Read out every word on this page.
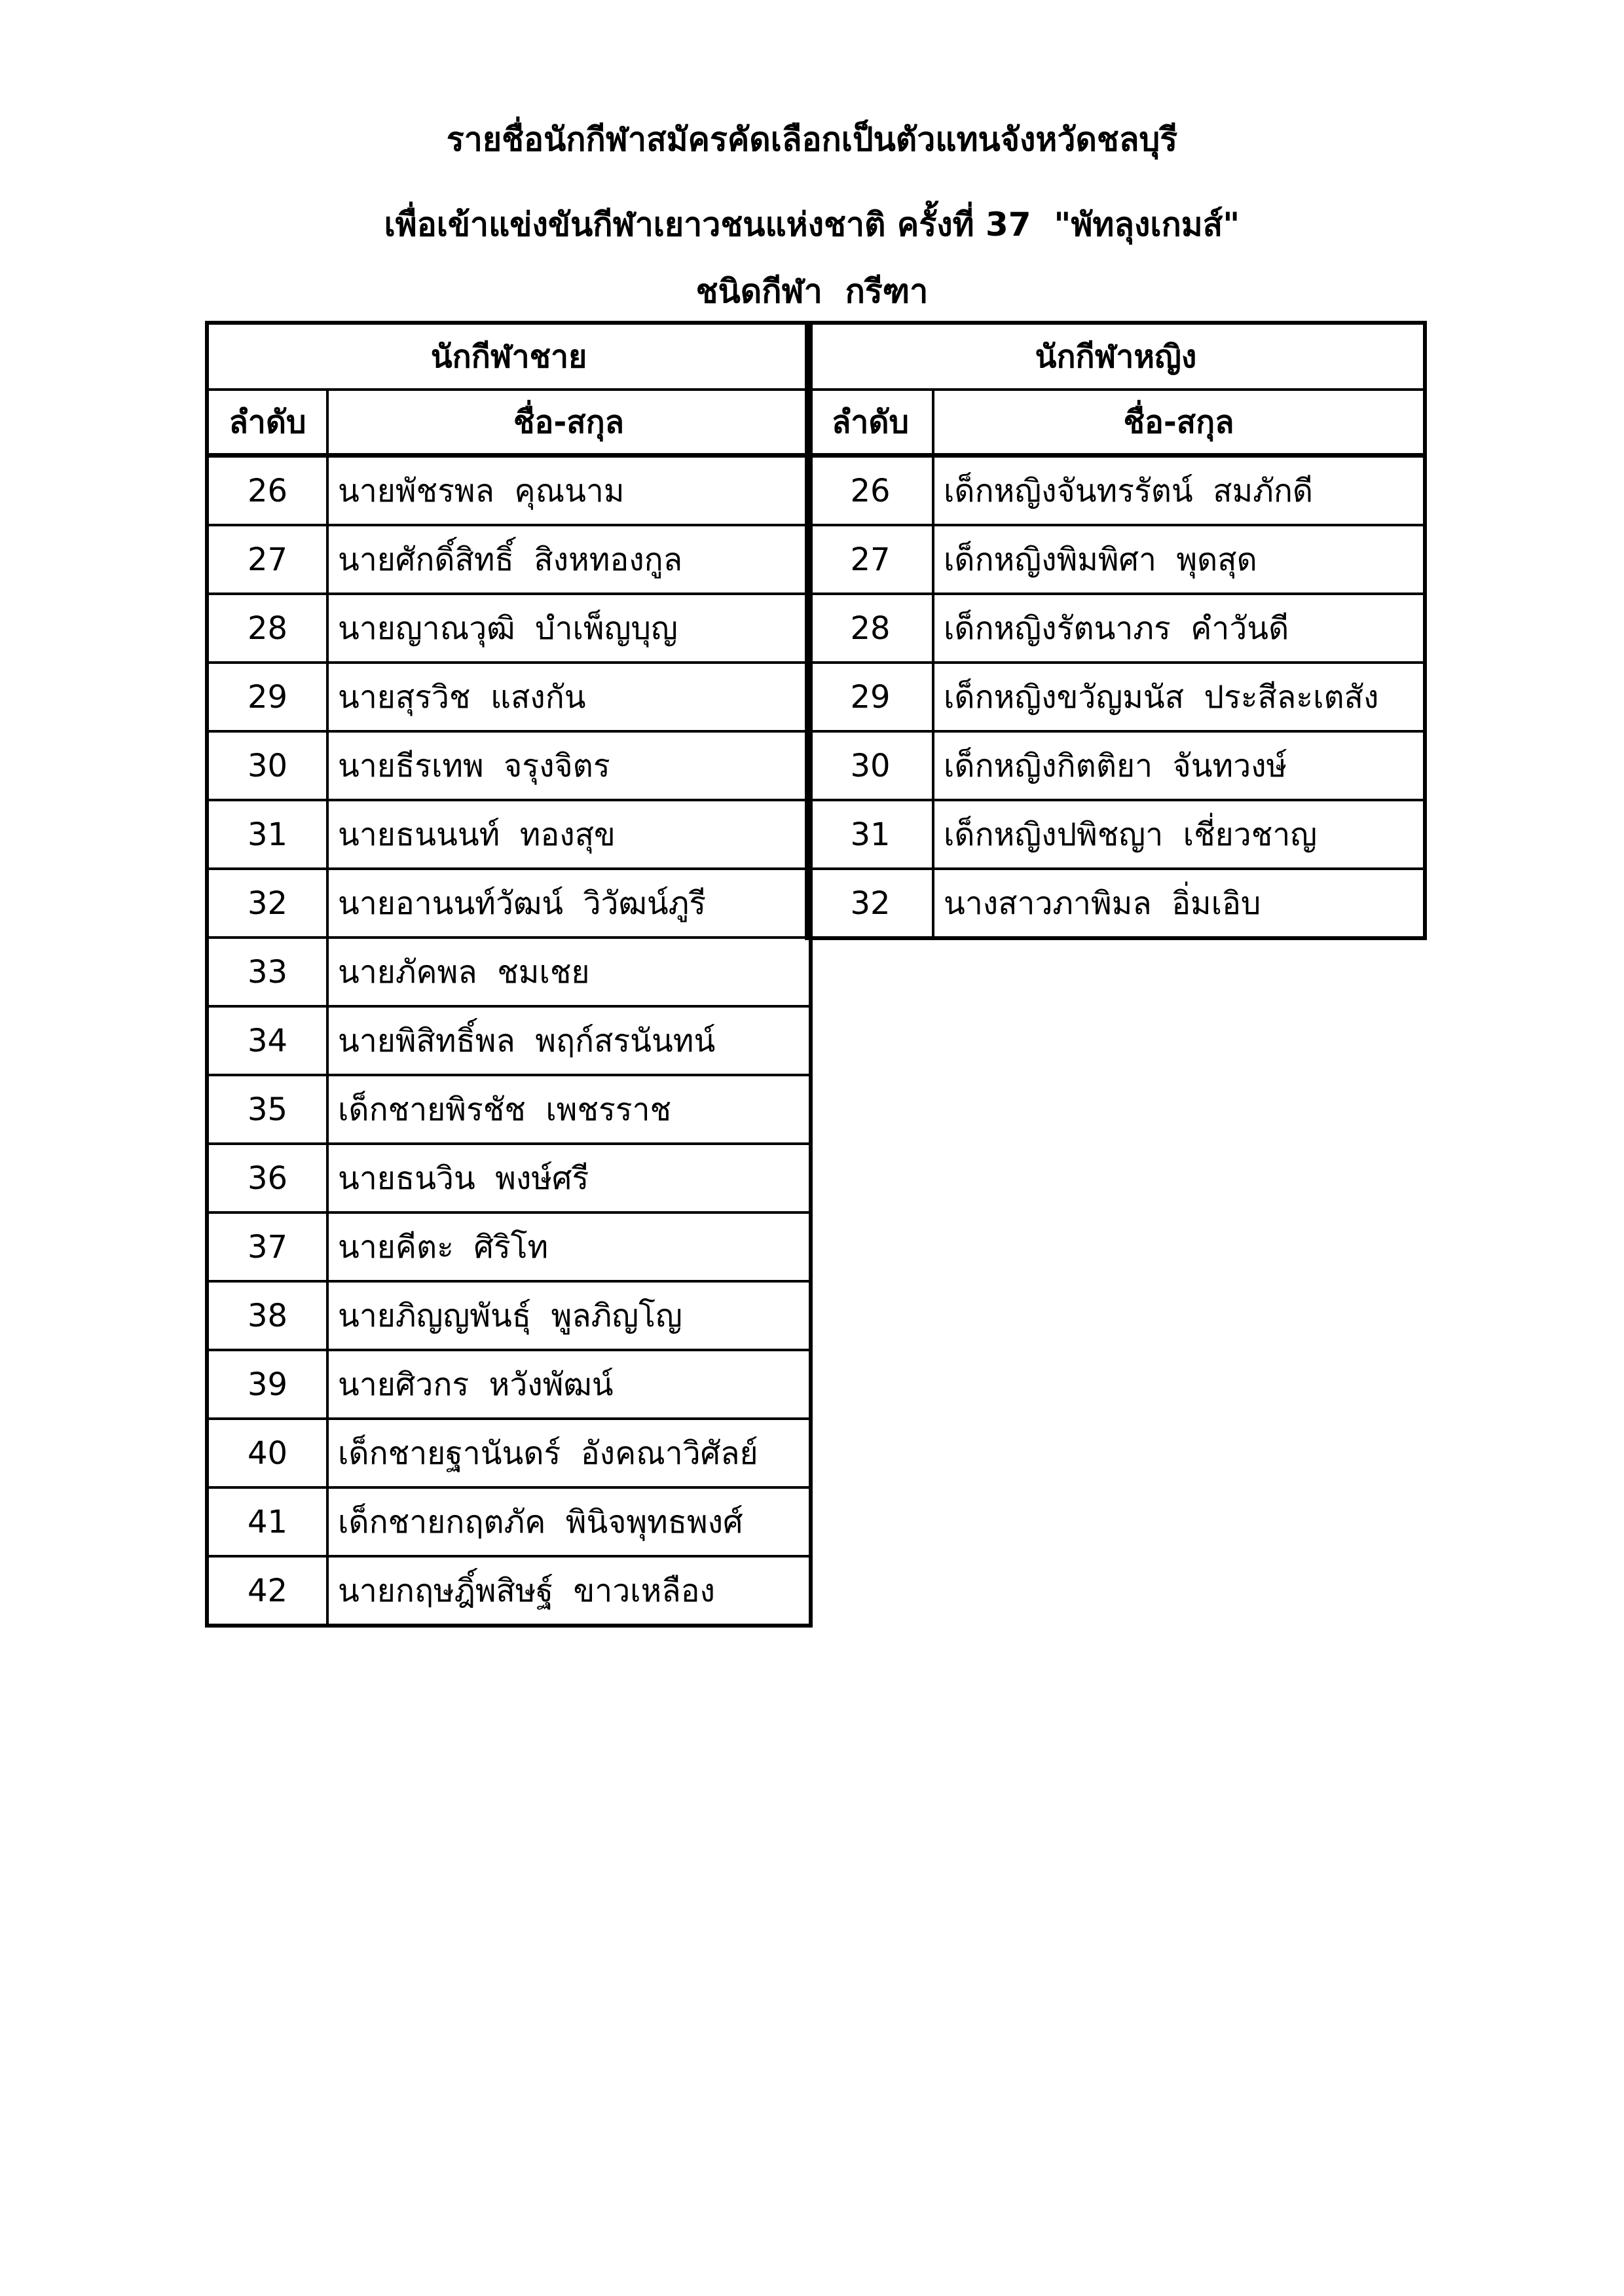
รายชื่อนักกีฬาสมัครคัดเลือกเป็นตัวแทนจังหวัดชลบุรี
เพื่อเข้าแข่งขันกีฬาเยาวชนแห่งชาติ ครั้งที่ 37  "พัทลุงเกมส์"
ชนิดกีฬา  กรีฑา
นักกีฬาชาย	
ลำดับ	ชื่อ-สกุล
26	นายพัชรพล  คุณนาม
27	นายศักดิ์สิทธิ์  สิงหทองกูล
28	นายญาณวุฒิ  บำเพ็ญบุญ
29	นายสุรวิช  แสงกัน
30	นายธีรเทพ  จรุงจิตร
31	นายธนนนท์  ทองสุข
32	นายอานนท์วัฒน์  วิวัฒน์ภูรี
33	นายภัคพล  ชมเชย
34	นายพิสิทธิ์พล  พฤก์สรนันทน์
35	เด็กชายพิรชัช  เพชรราช
36	นายธนวิน  พงษ์ศรี
37	นายคีตะ  ศิริโท
38	นายภิญญพันธุ์  พูลภิญโญ
39	นายศิวกร  หวังพัฒน์
40	เด็กชายฐานันดร์  อังคณาวิศัลย์
41	เด็กชายกฤตภัค  พินิจพุทธพงศ์
42	นายกฤษฎิ์พสิษฐ์  ขาวเหลือง
นักกีฬาหญิง	
ลำดับ	ชื่อ-สกุล
26	เด็กหญิงจันทรรัตน์  สมภักดี
27	เด็กหญิงพิมพิศา  พุดสุด
28	เด็กหญิงรัตนาภร  คำวันดี
29	เด็กหญิงขวัญมนัส  ประสีละเตสัง
30	เด็กหญิงกิตติยา  จันทวงษ์
31	เด็กหญิงปพิชญา  เชี่ยวชาญ
32	นางสาวภาพิมล  อิ่มเอิบ
